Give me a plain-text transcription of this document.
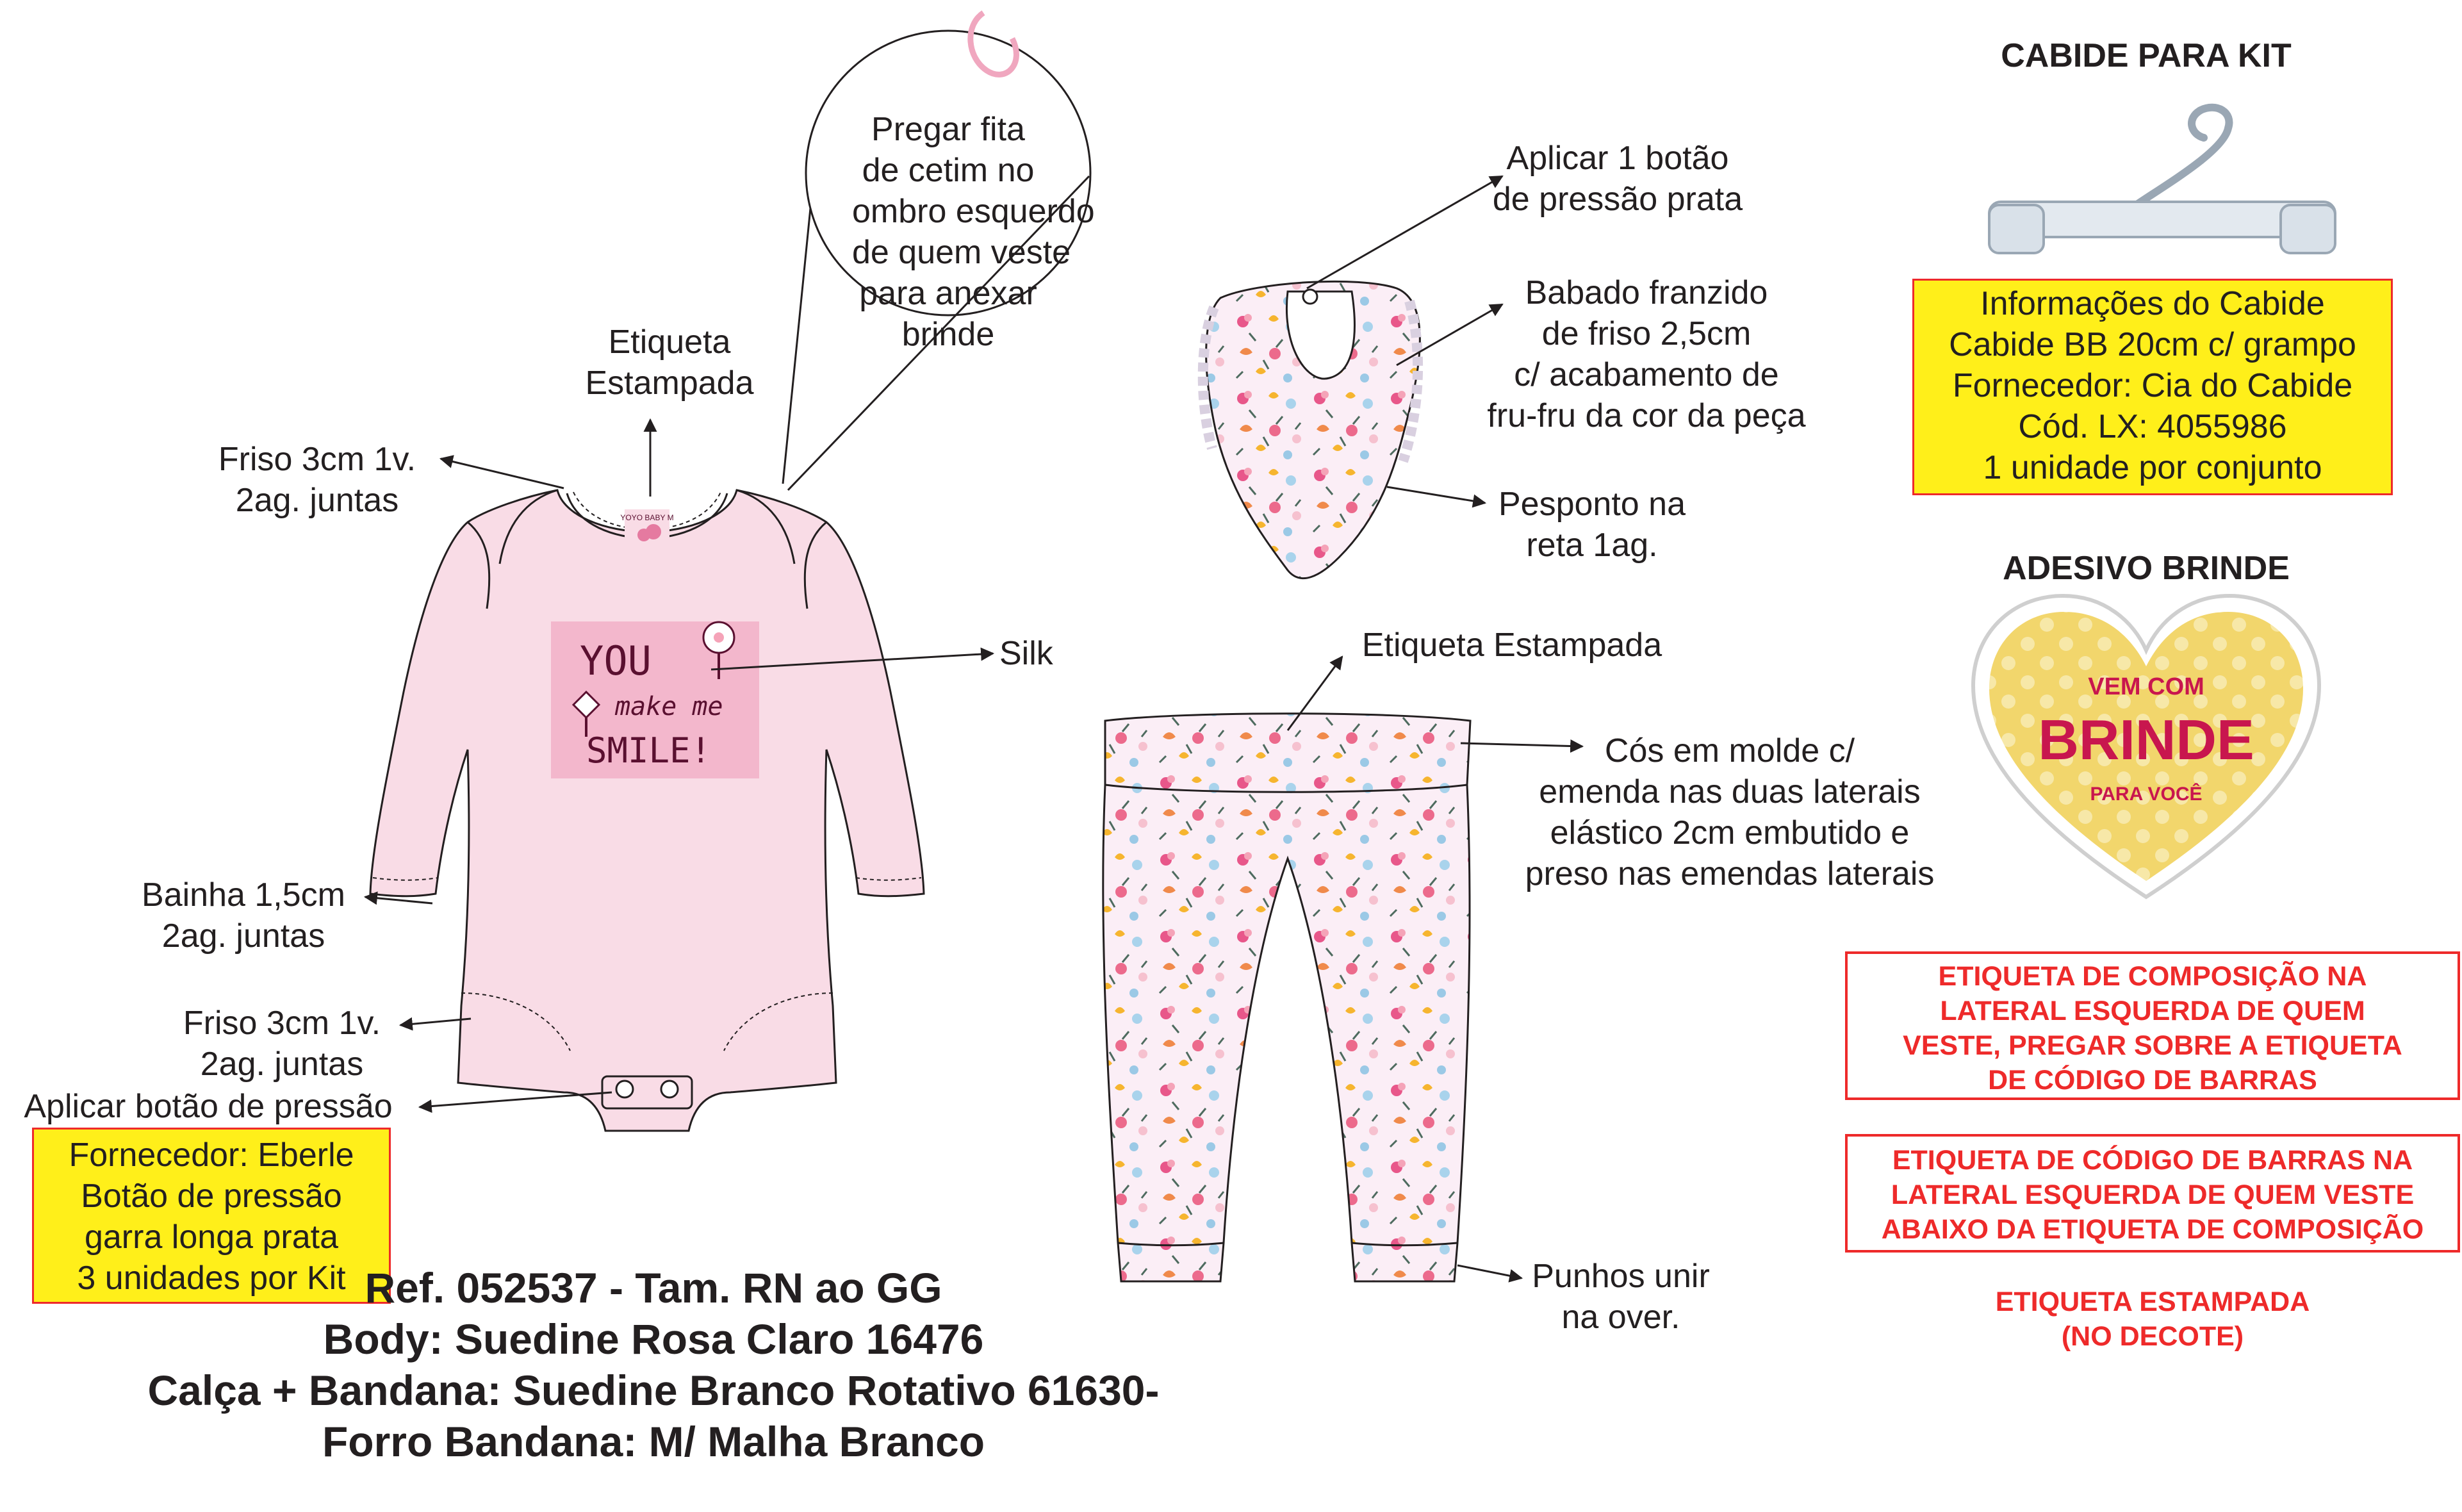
YOYO BABY M
Pregar fita
de cetim no
ombro esquerdo
de quem veste
para anexar
brinde
Etiqueta
Estampada
Friso 3cm 1v.
2ag. juntas
Silk
Bainha 1,5cm
2ag. juntas
Friso 3cm 1v.
2ag. juntas
Aplicar botão de pressão
Fornecedor: Eberle
Botão de pressão
garra longa prata
3 unidades por Kit
YOU
make me
SMILE!
Aplicar 1 botão
de pressão prata
Babado franzido
de friso 2,5cm
c/ acabamento de
fru-fru da cor da peça
Pesponto na
reta 1ag.
Etiqueta Estampada
Cós em molde c/
emenda nas duas laterais
elástico 2cm embutido e
preso nas emendas laterais
Punhos unir
na over.
Ref. 052537 - Tam. RN ao GG
Body: Suedine Rosa Claro 16476
Calça + Bandana: Suedine Branco Rotativo 61630-
Forro Bandana: M/ Malha Branco
CABIDE PARA KIT
Informações do Cabide
Cabide BB 20cm c/ grampo
Fornecedor: Cia do Cabide
Cód. LX: 4055986
1 unidade por conjunto
ADESIVO BRINDE
VEM COM
BRINDE
PARA VOCÊ
ETIQUETA DE COMPOSIÇÃO NA
LATERAL ESQUERDA DE QUEM
VESTE, PREGAR SOBRE A ETIQUETA
DE CÓDIGO DE BARRAS
ETIQUETA DE CÓDIGO DE BARRAS NA
LATERAL ESQUERDA DE QUEM VESTE
ABAIXO DA ETIQUETA DE COMPOSIÇÃO
ETIQUETA ESTAMPADA
(NO DECOTE)
